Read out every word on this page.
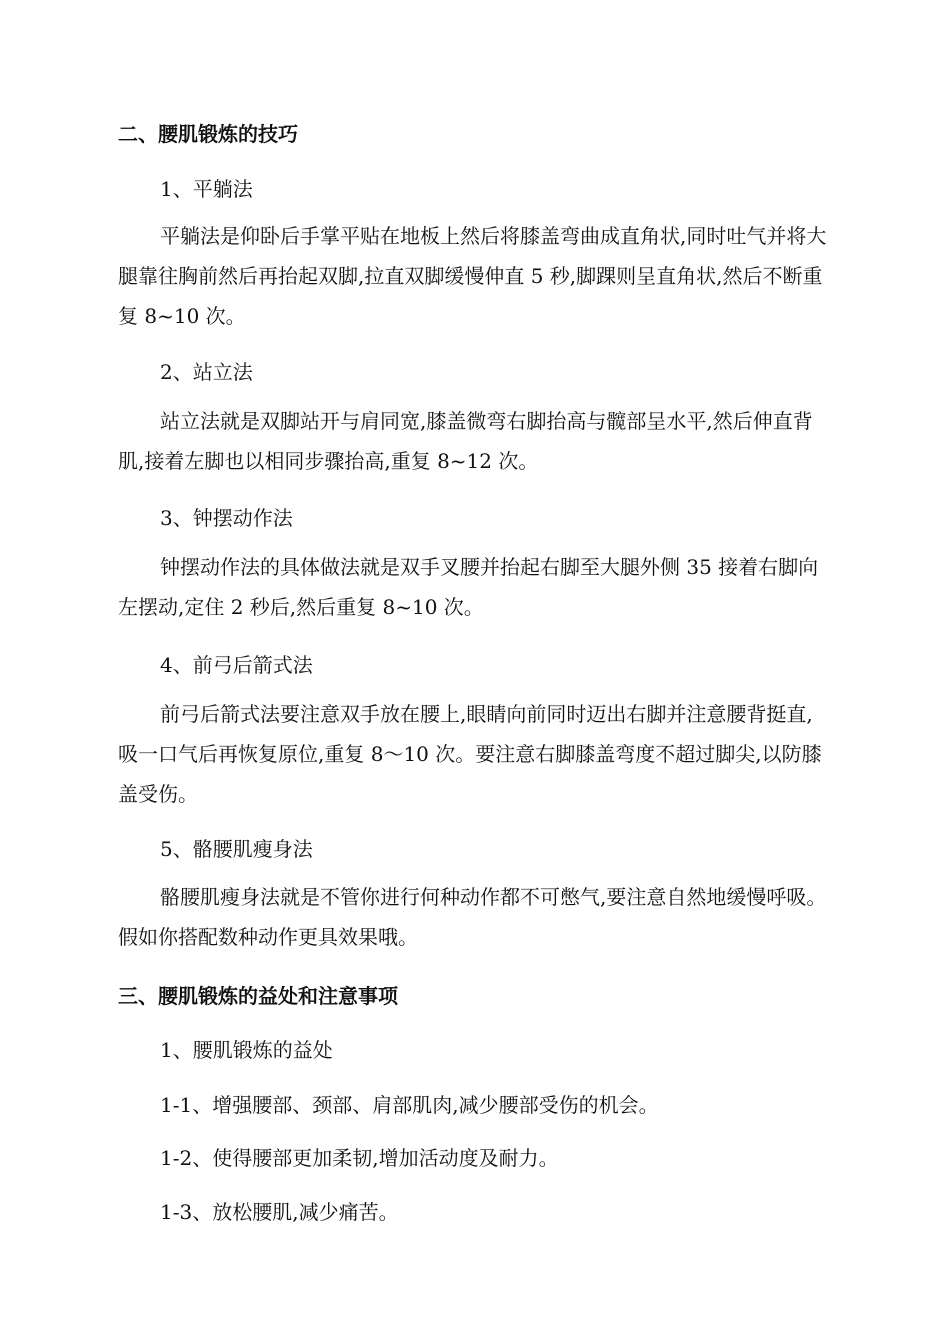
二、腰肌锻炼的技巧
1、平躺法
平躺法是仰卧后手掌平贴在地板上然后将膝盖弯曲成直角状,同时吐气并将大腿靠往胸前然后再抬起双脚,拉直双脚缓慢伸直 5 秒,脚踝则呈直角状,然后不断重复 8~10 次。
2、站立法
站立法就是双脚站开与肩同宽,膝盖微弯右脚抬高与髋部呈水平,然后伸直背肌,接着左脚也以相同步骤抬高,重复 8~12 次。
3、钟摆动作法
钟摆动作法的具体做法就是双手叉腰并抬起右脚至大腿外侧 35 接着右脚向左摆动,定住 2 秒后,然后重复 8~10 次。
4、前弓后箭式法
前弓后箭式法要注意双手放在腰上,眼睛向前同时迈出右脚并注意腰背挺直,吸一口气后再恢复原位,重复 8～10 次。要注意右脚膝盖弯度不超过脚尖,以防膝盖受伤。
5、骼腰肌瘦身法
骼腰肌瘦身法就是不管你进行何种动作都不可憋气,要注意自然地缓慢呼吸。假如你搭配数种动作更具效果哦。
三、腰肌锻炼的益处和注意事项
1、腰肌锻炼的益处
1-1、增强腰部、颈部、肩部肌肉,减少腰部受伤的机会。
1-2、使得腰部更加柔韧,增加活动度及耐力。
1-3、放松腰肌,减少痛苦。
